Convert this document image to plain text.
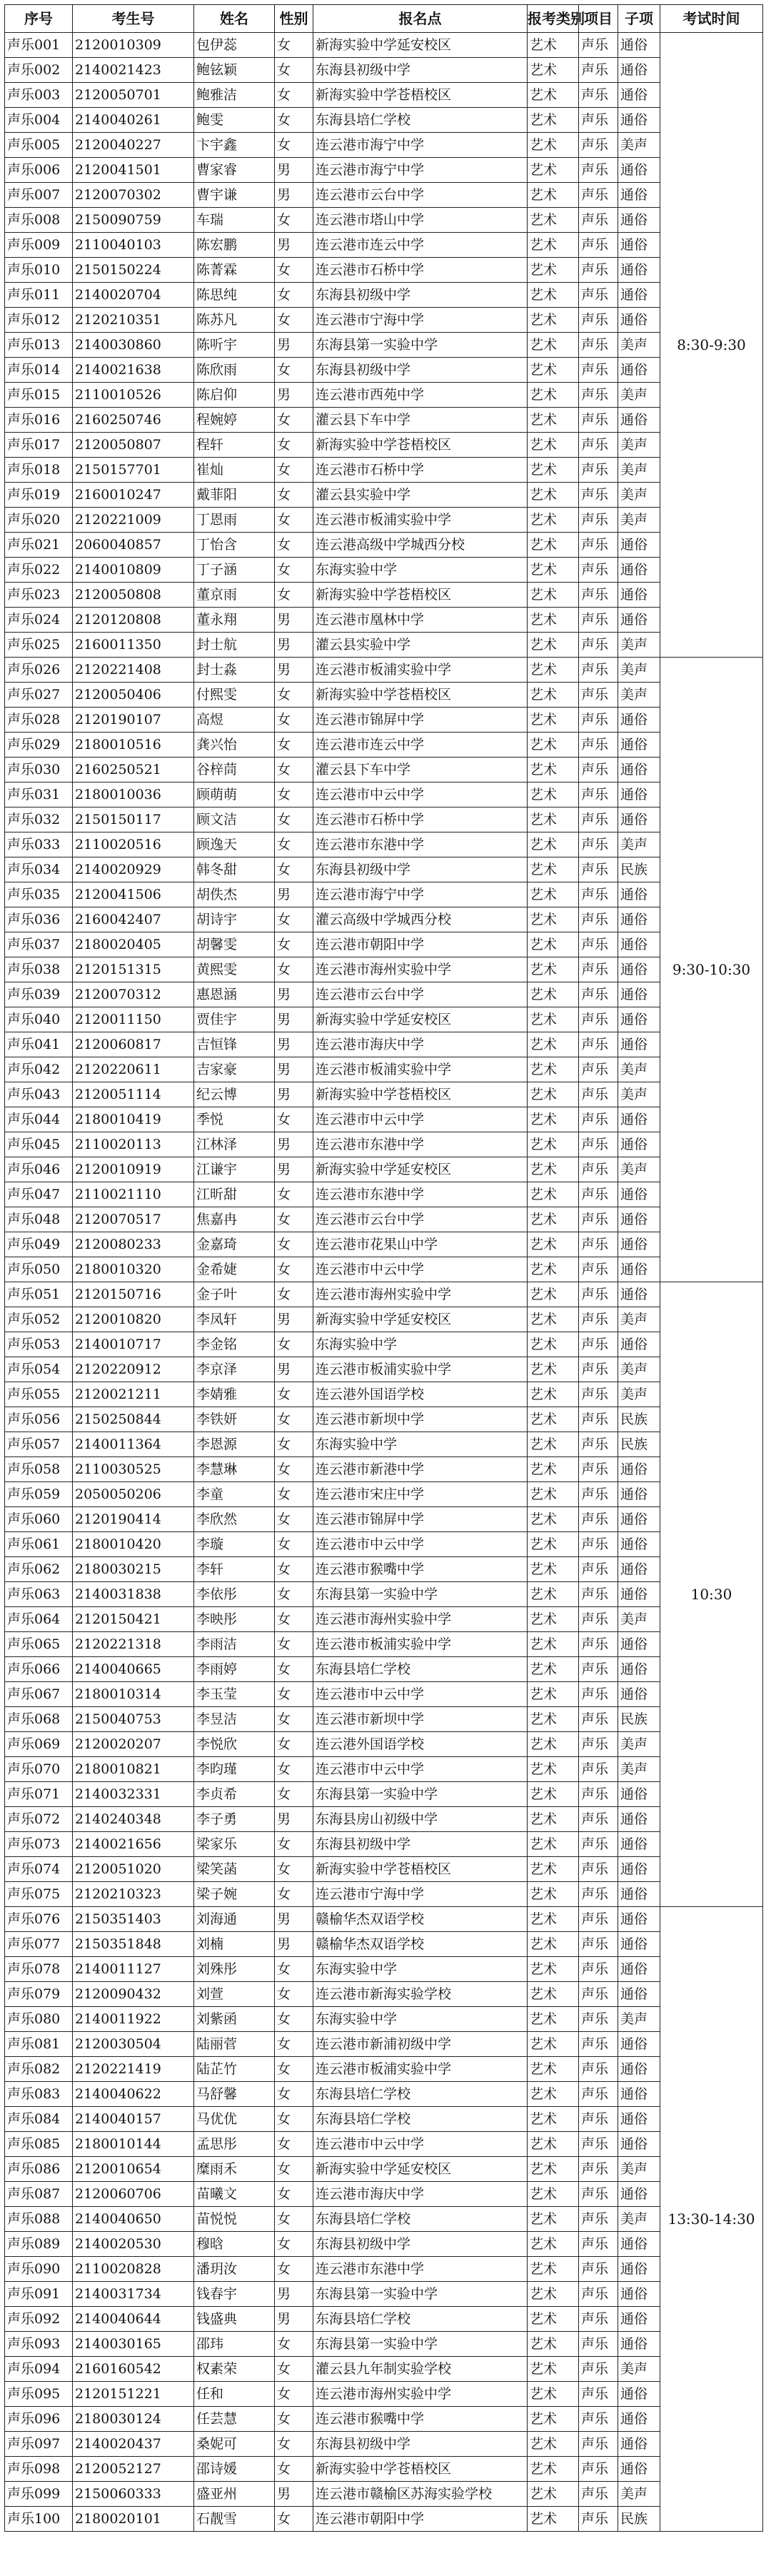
序号	考生号	姓名	性别	报名点	报考类别	项目	子项	考试时间
声乐001	2120010309	包伊蕊	女	新海实验中学延安校区	艺术	声乐	通俗	8:30-9:30
声乐002	2140021423	鲍铉颖	女	东海县初级中学	艺术	声乐	通俗	
声乐003	2120050701	鲍雅洁	女	新海实验中学苍梧校区	艺术	声乐	通俗	
声乐004	2140040261	鲍雯	女	东海县培仁学校	艺术	声乐	通俗	
声乐005	2120040227	卞宇鑫	女	连云港市海宁中学	艺术	声乐	美声	
声乐006	2120041501	曹家睿	男	连云港市海宁中学	艺术	声乐	通俗	
声乐007	2120070302	曹宇谦	男	连云港市云台中学	艺术	声乐	通俗	
声乐008	2150090759	车瑞	女	连云港市塔山中学	艺术	声乐	通俗	
声乐009	2110040103	陈宏鹏	男	连云港市连云中学	艺术	声乐	通俗	
声乐010	2150150224	陈菁霖	女	连云港市石桥中学	艺术	声乐	通俗	
声乐011	2140020704	陈思纯	女	东海县初级中学	艺术	声乐	通俗	
声乐012	2120210351	陈苏凡	女	连云港市宁海中学	艺术	声乐	通俗	
声乐013	2140030860	陈听宇	男	东海县第一实验中学	艺术	声乐	美声	
声乐014	2140021638	陈欣雨	女	东海县初级中学	艺术	声乐	通俗	
声乐015	2110010526	陈启仰	男	连云港市西苑中学	艺术	声乐	美声	
声乐016	2160250746	程婉婷	女	灌云县下车中学	艺术	声乐	通俗	
声乐017	2120050807	程轩	女	新海实验中学苍梧校区	艺术	声乐	美声	
声乐018	2150157701	崔灿	女	连云港市石桥中学	艺术	声乐	美声	
声乐019	2160010247	戴菲阳	女	灌云县实验中学	艺术	声乐	美声	
声乐020	2120221009	丁恩雨	女	连云港市板浦实验中学	艺术	声乐	美声	
声乐021	2060040857	丁怡含	女	连云港高级中学城西分校	艺术	声乐	通俗	
声乐022	2140010809	丁子涵	女	东海实验中学	艺术	声乐	通俗	
声乐023	2120050808	董京雨	女	新海实验中学苍梧校区	艺术	声乐	通俗	
声乐024	2120120808	董永翔	男	连云港市凰林中学	艺术	声乐	通俗	
声乐025	2160011350	封士航	男	灌云县实验中学	艺术	声乐	美声	
声乐026	2120221408	封士淼	男	连云港市板浦实验中学	艺术	声乐	美声	9:30-10:30
声乐027	2120050406	付熙雯	女	新海实验中学苍梧校区	艺术	声乐	美声	
声乐028	2120190107	高煜	女	连云港市锦屏中学	艺术	声乐	通俗	
声乐029	2180010516	龚兴怡	女	连云港市连云中学	艺术	声乐	通俗	
声乐030	2160250521	谷梓茼	女	灌云县下车中学	艺术	声乐	通俗	
声乐031	2180010036	顾萌萌	女	连云港市中云中学	艺术	声乐	通俗	
声乐032	2150150117	顾文洁	女	连云港市石桥中学	艺术	声乐	通俗	
声乐033	2110020516	顾逸天	女	连云港市东港中学	艺术	声乐	美声	
声乐034	2140020929	韩冬甜	女	东海县初级中学	艺术	声乐	民族	
声乐035	2120041506	胡佚杰	男	连云港市海宁中学	艺术	声乐	通俗	
声乐036	2160042407	胡诗宇	女	灌云高级中学城西分校	艺术	声乐	通俗	
声乐037	2180020405	胡馨雯	女	连云港市朝阳中学	艺术	声乐	通俗	
声乐038	2120151315	黄熙雯	女	连云港市海州实验中学	艺术	声乐	通俗	
声乐039	2120070312	惠恩涵	男	连云港市云台中学	艺术	声乐	通俗	
声乐040	2120011150	贾佳宇	男	新海实验中学延安校区	艺术	声乐	通俗	
声乐041	2120060817	吉恒锋	男	连云港市海庆中学	艺术	声乐	通俗	
声乐042	2120220611	吉家豪	男	连云港市板浦实验中学	艺术	声乐	美声	
声乐043	2120051114	纪云博	男	新海实验中学苍梧校区	艺术	声乐	美声	
声乐044	2180010419	季悦	女	连云港市中云中学	艺术	声乐	通俗	
声乐045	2110020113	江林泽	男	连云港市东港中学	艺术	声乐	通俗	
声乐046	2120010919	江谦宇	男	新海实验中学延安校区	艺术	声乐	美声	
声乐047	2110021110	江昕甜	女	连云港市东港中学	艺术	声乐	通俗	
声乐048	2120070517	焦嘉冉	女	连云港市云台中学	艺术	声乐	通俗	
声乐049	2120080233	金嘉琦	女	连云港市花果山中学	艺术	声乐	通俗	
声乐050	2180010320	金希婕	女	连云港市中云中学	艺术	声乐	通俗	
声乐051	2120150716	金子叶	女	连云港市海州实验中学	艺术	声乐	通俗	10:30
声乐052	2120010820	李凤轩	男	新海实验中学延安校区	艺术	声乐	美声	
声乐053	2140010717	李金铭	女	东海实验中学	艺术	声乐	通俗	
声乐054	2120220912	李京泽	男	连云港市板浦实验中学	艺术	声乐	美声	
声乐055	2120021211	李婧雅	女	连云港外国语学校	艺术	声乐	美声	
声乐056	2150250844	李铁妍	女	连云港市新坝中学	艺术	声乐	民族	
声乐057	2140011364	李恩源	女	东海实验中学	艺术	声乐	民族	
声乐058	2110030525	李慧琳	女	连云港市新港中学	艺术	声乐	通俗	
声乐059	2050050206	李童	女	连云港市宋庄中学	艺术	声乐	通俗	
声乐060	2120190414	李欣然	女	连云港市锦屏中学	艺术	声乐	通俗	
声乐061	2180010420	李璇	女	连云港市中云中学	艺术	声乐	通俗	
声乐062	2180030215	李轩	女	连云港市猴嘴中学	艺术	声乐	通俗	
声乐063	2140031838	李依彤	女	东海县第一实验中学	艺术	声乐	通俗	
声乐064	2120150421	李映彤	女	连云港市海州实验中学	艺术	声乐	美声	
声乐065	2120221318	李雨洁	女	连云港市板浦实验中学	艺术	声乐	通俗	
声乐066	2140040665	李雨婷	女	东海县培仁学校	艺术	声乐	通俗	
声乐067	2180010314	李玉莹	女	连云港市中云中学	艺术	声乐	通俗	
声乐068	2150040753	李昱洁	女	连云港市新坝中学	艺术	声乐	民族	
声乐069	2120020207	李悦欣	女	连云港外国语学校	艺术	声乐	美声	
声乐070	2180010821	李昀瑾	女	连云港市中云中学	艺术	声乐	美声	
声乐071	2140032331	李贞希	女	东海县第一实验中学	艺术	声乐	通俗	
声乐072	2140240348	李子勇	男	东海县房山初级中学	艺术	声乐	通俗	
声乐073	2140021656	梁家乐	女	东海县初级中学	艺术	声乐	通俗	
声乐074	2120051020	梁笑菡	女	新海实验中学苍梧校区	艺术	声乐	通俗	
声乐075	2120210323	梁子婉	女	连云港市宁海中学	艺术	声乐	通俗	
声乐076	2150351403	刘海通	男	赣榆华杰双语学校	艺术	声乐	通俗	13:30-14:30
声乐077	2150351848	刘楠	男	赣榆华杰双语学校	艺术	声乐	通俗	
声乐078	2140011127	刘殊彤	女	东海实验中学	艺术	声乐	通俗	
声乐079	2120090432	刘萱	女	连云港市新海实验学校	艺术	声乐	通俗	
声乐080	2140011922	刘紫函	女	东海实验中学	艺术	声乐	美声	
声乐081	2120030504	陆丽菅	女	连云港市新浦初级中学	艺术	声乐	通俗	
声乐082	2120221419	陆芷竹	女	连云港市板浦实验中学	艺术	声乐	通俗	
声乐083	2140040622	马舒馨	女	东海县培仁学校	艺术	声乐	通俗	
声乐084	2140040157	马优优	女	东海县培仁学校	艺术	声乐	通俗	
声乐085	2180010144	孟思彤	女	连云港市中云中学	艺术	声乐	通俗	
声乐086	2120010654	糜雨禾	女	新海实验中学延安校区	艺术	声乐	美声	
声乐087	2120060706	苗曦文	女	连云港市海庆中学	艺术	声乐	通俗	
声乐088	2140040650	苗悦悦	女	东海县培仁学校	艺术	声乐	美声	
声乐089	2140020530	穆晗	女	东海县初级中学	艺术	声乐	通俗	
声乐090	2110020828	潘玥汝	女	连云港市东港中学	艺术	声乐	通俗	
声乐091	2140031734	钱春宇	男	东海县第一实验中学	艺术	声乐	通俗	
声乐092	2140040644	钱盛典	男	东海县培仁学校	艺术	声乐	通俗	
声乐093	2140030165	邵玮	女	东海县第一实验中学	艺术	声乐	通俗	
声乐094	2160160542	权素荣	女	灌云县九年制实验学校	艺术	声乐	美声	
声乐095	2120151221	任和	女	连云港市海州实验中学	艺术	声乐	通俗	
声乐096	2180030124	任芸慧	女	连云港市猴嘴中学	艺术	声乐	通俗	
声乐097	2140020437	桑妮可	女	东海县初级中学	艺术	声乐	通俗	
声乐098	2120052127	邵诗媛	女	新海实验中学苍梧校区	艺术	声乐	通俗	
声乐099	2150060333	盛亚州	男	连云港市赣榆区苏海实验学校	艺术	声乐	美声	
声乐100	2180020101	石靓雪	女	连云港市朝阳中学	艺术	声乐	民族	
